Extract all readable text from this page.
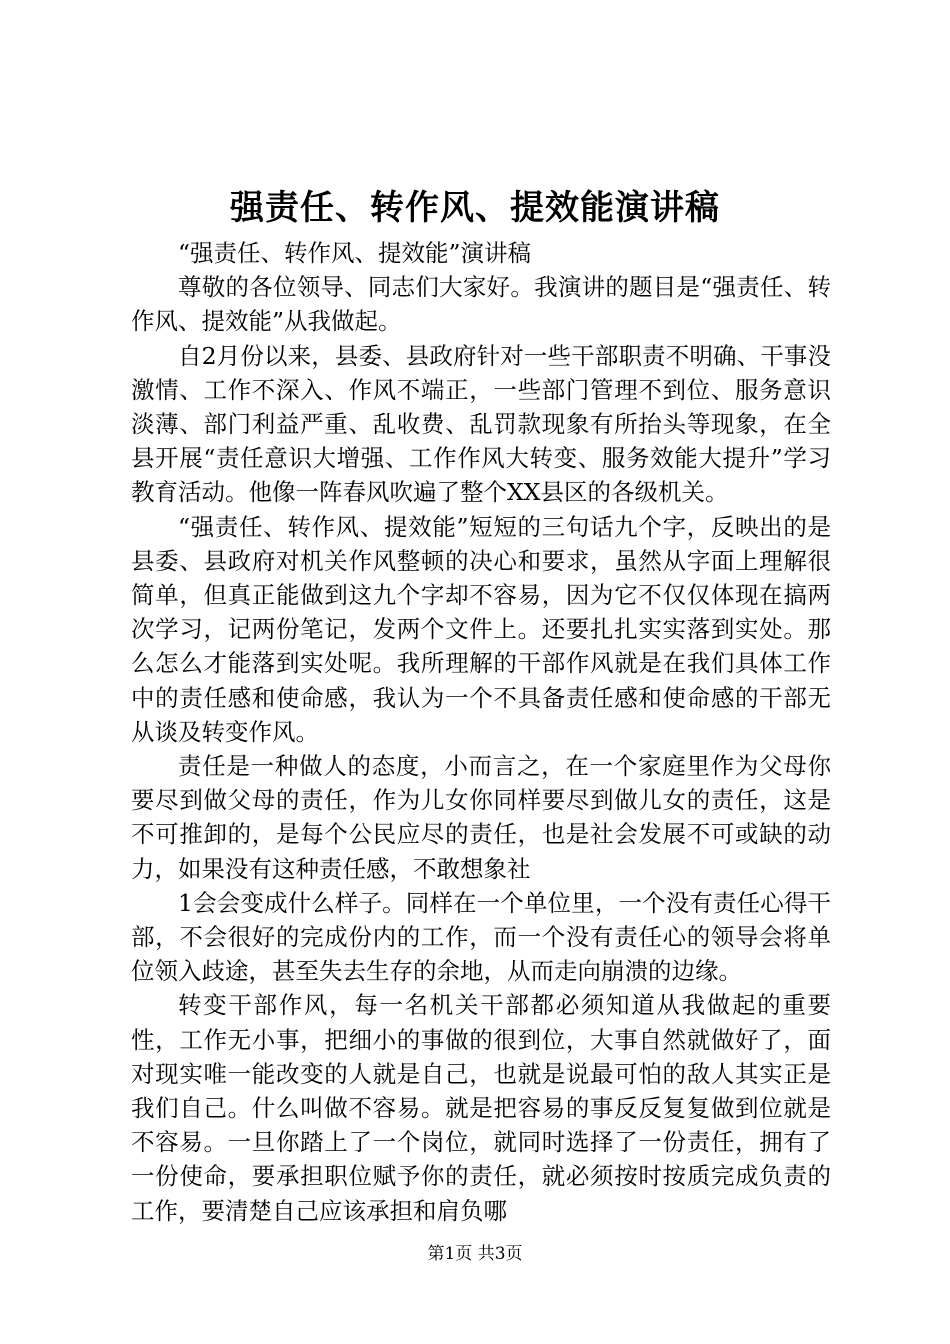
强责任、转作风、提效能演讲稿

“强责任、转作风、提效能”演讲稿

尊敬的各位领导、同志们大家好。我演讲的题目是“强责任、转作风、提效能”从我做起。

自2月份以来，县委、县政府针对一些干部职责不明确、干事没激情、工作不深入、作风不端正，一些部门管理不到位、服务意识淡薄、部门利益严重、乱收费、乱罚款现象有所抬头等现象，在全县开展“责任意识大增强、工作作风大转变、服务效能大提升”学习教育活动。他像一阵春风吹遍了整个XX县区的各级机关。

“强责任、转作风、提效能”短短的三句话九个字，反映出的是县委、县政府对机关作风整顿的决心和要求，虽然从字面上理解很简单，但真正能做到这九个字却不容易，因为它不仅仅体现在搞两次学习，记两份笔记，发两个文件上。还要扎扎实实落到实处。那么怎么才能落到实处呢。我所理解的干部作风就是在我们具体工作中的责任感和使命感，我认为一个不具备责任感和使命感的干部无从谈及转变作风。

责任是一种做人的态度，小而言之，在一个家庭里作为父母你要尽到做父母的责任，作为儿女你同样要尽到做儿女的责任，这是不可推卸的，是每个公民应尽的责任，也是社会发展不可或缺的动力，如果没有这种责任感，不敢想象社

1会会变成什么样子。同样在一个单位里，一个没有责任心得干部，不会很好的完成份内的工作，而一个没有责任心的领导会将单位领入歧途，甚至失去生存的余地，从而走向崩溃的边缘。

转变干部作风，每一名机关干部都必须知道从我做起的重要性，工作无小事，把细小的事做的很到位，大事自然就做好了，面对现实唯一能改变的人就是自己，也就是说最可怕的敌人其实正是我们自己。什么叫做不容易。就是把容易的事反反复复做到位就是不容易。一旦你踏上了一个岗位，就同时选择了一份责任，拥有了一份使命，要承担职位赋予你的责任，就必须按时按质完成负责的工作，要清楚自己应该承担和肩负哪

第1页 共3页
